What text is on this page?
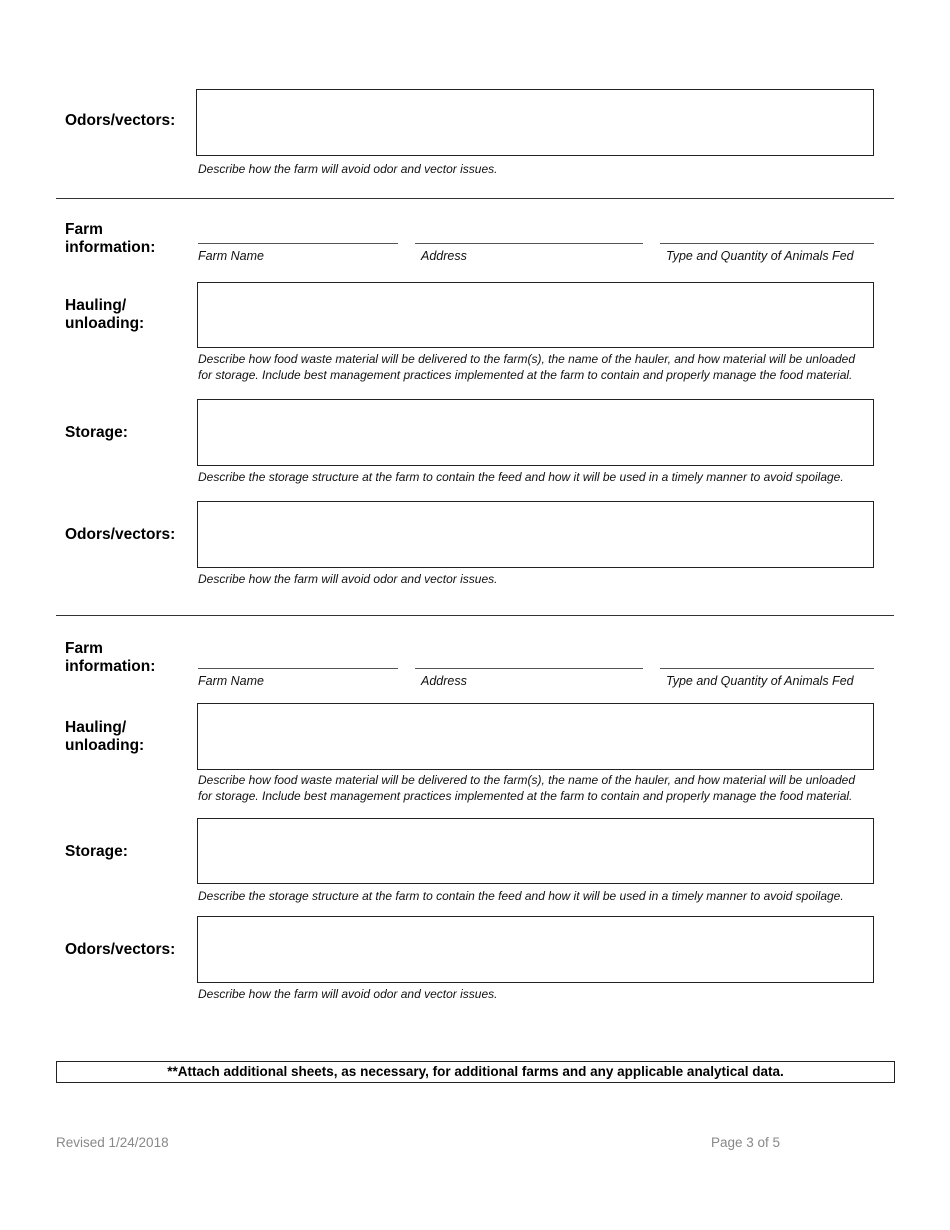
Odors/vectors:
Describe how the farm will avoid odor and vector issues.
Farm
information:	Farm Name	Address	Type and Quantity of Animals Fed
Hauling/
unloading:
Describe how food waste material will be delivered to the farm(s), the name of the hauler, and how material will be unloaded
for storage. Include best management practices implemented at the farm to contain and properly manage the food material.
Storage:
Describe the storage structure at the farm to contain the feed and how it will be used in a timely manner to avoid spoilage.
Odors/vectors:
Describe how the farm will avoid odor and vector issues.
Farm
information:
Farm Name	Address	Type and Quantity of Animals Fed
Hauling/
unloading:
Describe how food waste material will be delivered to the farm(s), the name of the hauler, and how material will be unloaded
for storage. Include best management practices implemented at the farm to contain and properly manage the food material.
Storage:
Describe the storage structure at the farm to contain the feed and how it will be used in a timely manner to avoid spoilage.
Odors/vectors:
Describe how the farm will avoid odor and vector issues.
**Attach additional sheets, as necessary, for additional farms and any applicable analytical data.
Revised 1/24/2018	Page 3 of 5
